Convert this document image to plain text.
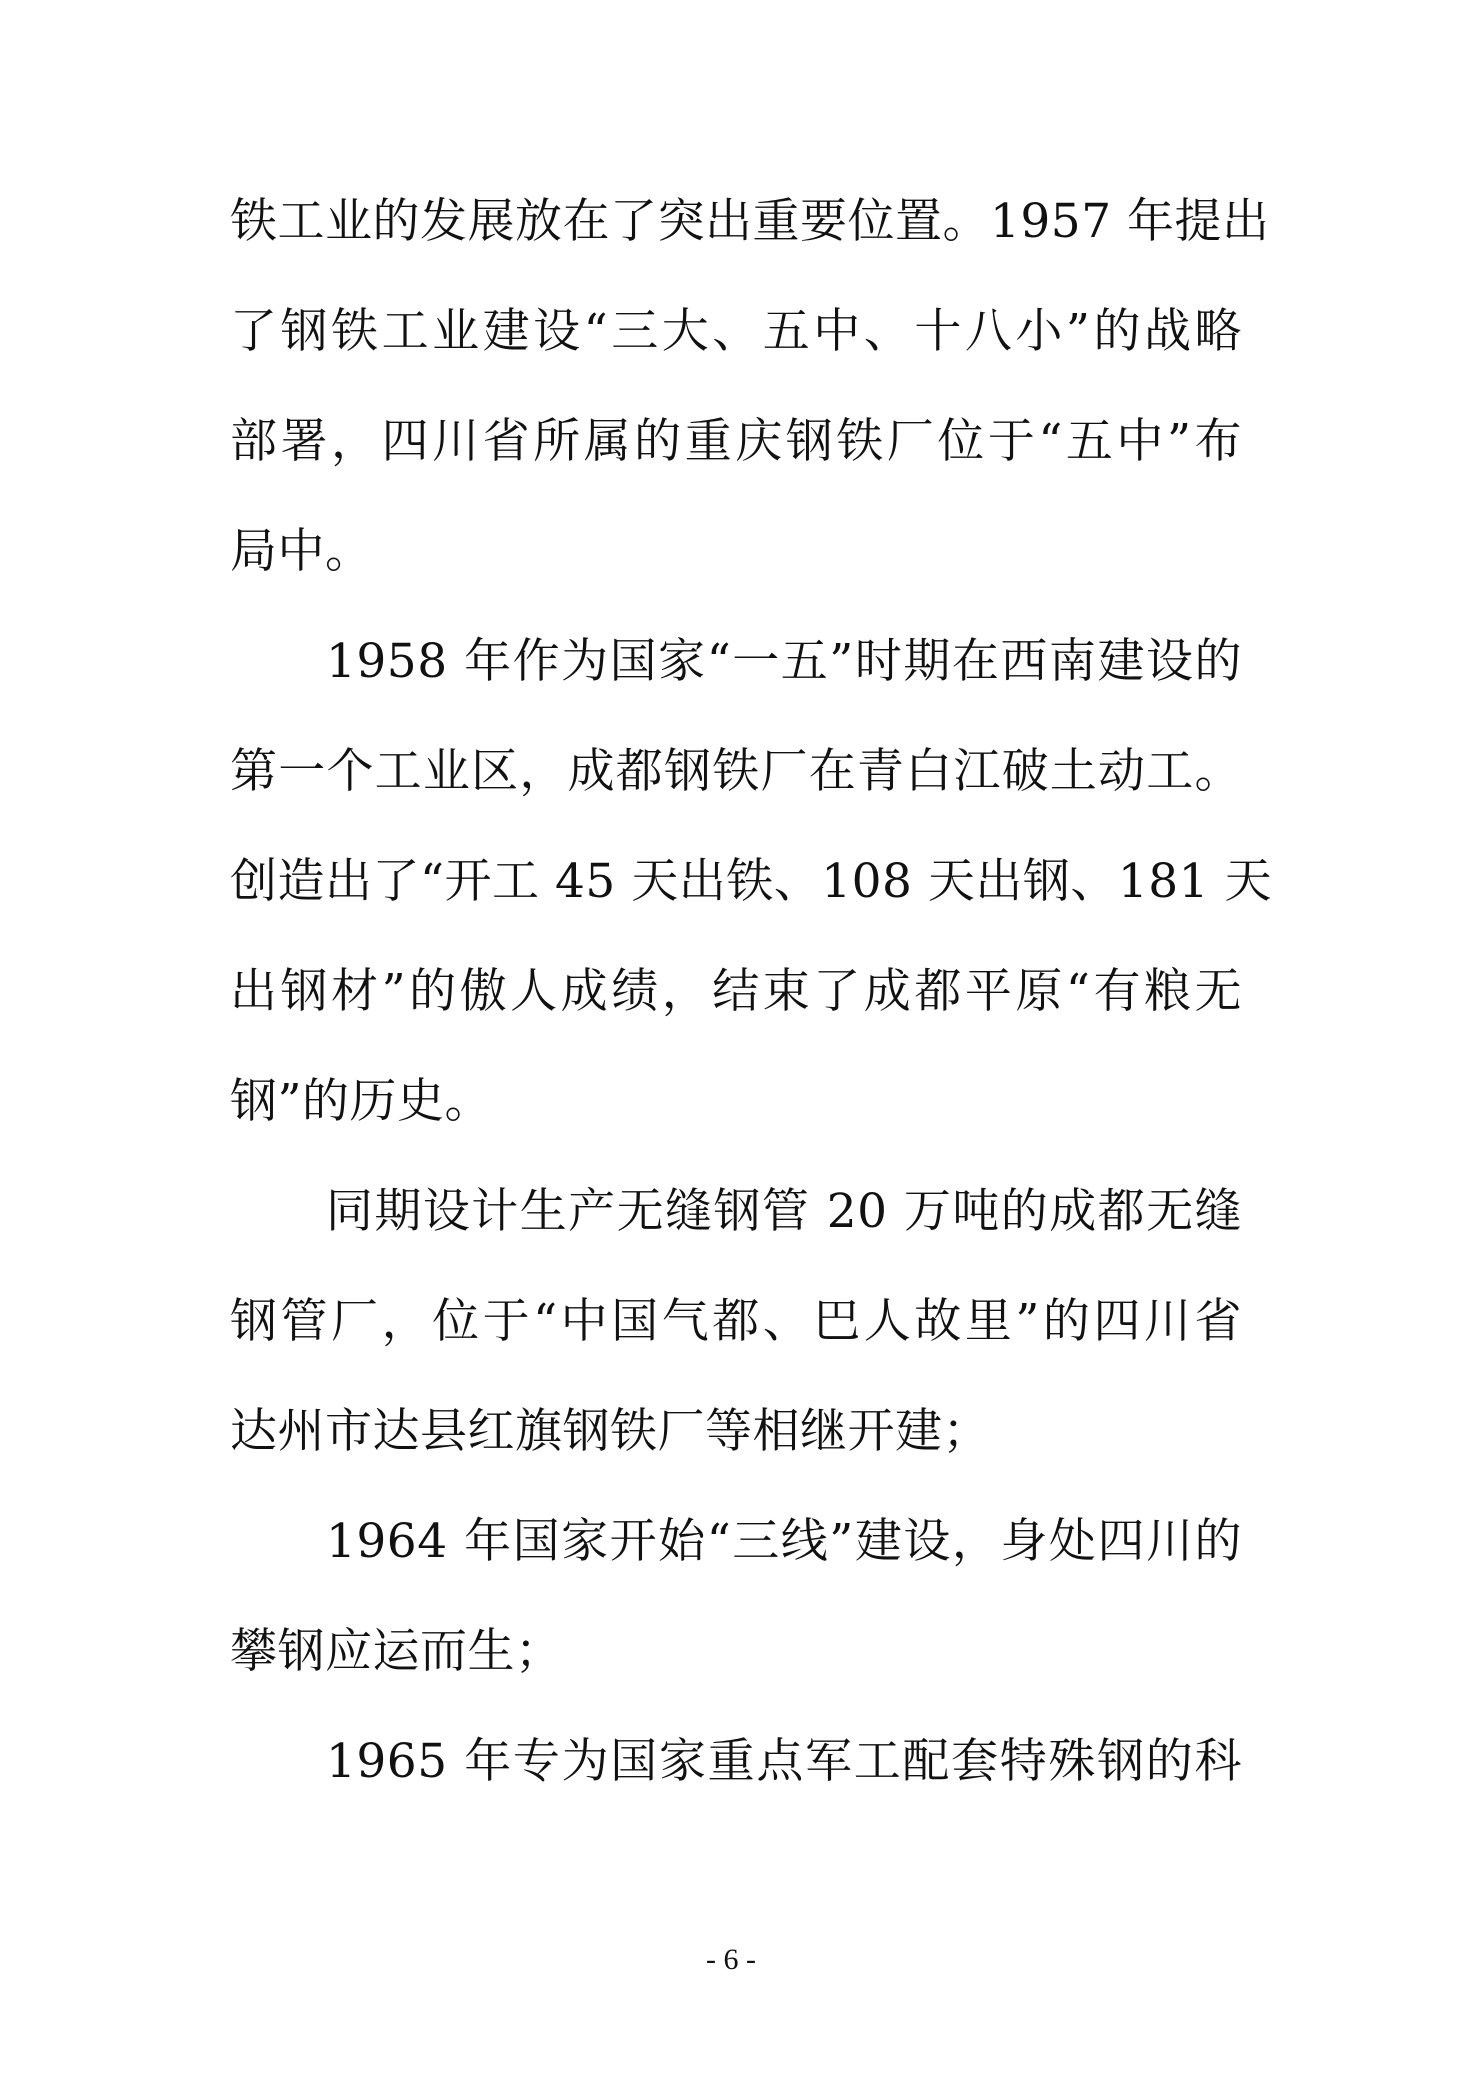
铁工业的发展放在了突出重要位置。1957 年提出
了钢铁工业建设“三大、五中、十八小”的战略
部署，四川省所属的重庆钢铁厂位于“五中”布
局中。
1958 年作为国家“一五”时期在西南建设的
第一个工业区，成都钢铁厂在青白江破土动工。
创造出了“开工 45 天出铁、108 天出钢、181 天
出钢材”的傲人成绩，结束了成都平原“有粮无
钢”的历史。
同期设计生产无缝钢管 20 万吨的成都无缝
钢管厂，位于“中国气都、巴人故里”的四川省
达州市达县红旗钢铁厂等相继开建；
1964 年国家开始“三线”建设，身处四川的
攀钢应运而生；
1965 年专为国家重点军工配套特殊钢的科
- 6 -
